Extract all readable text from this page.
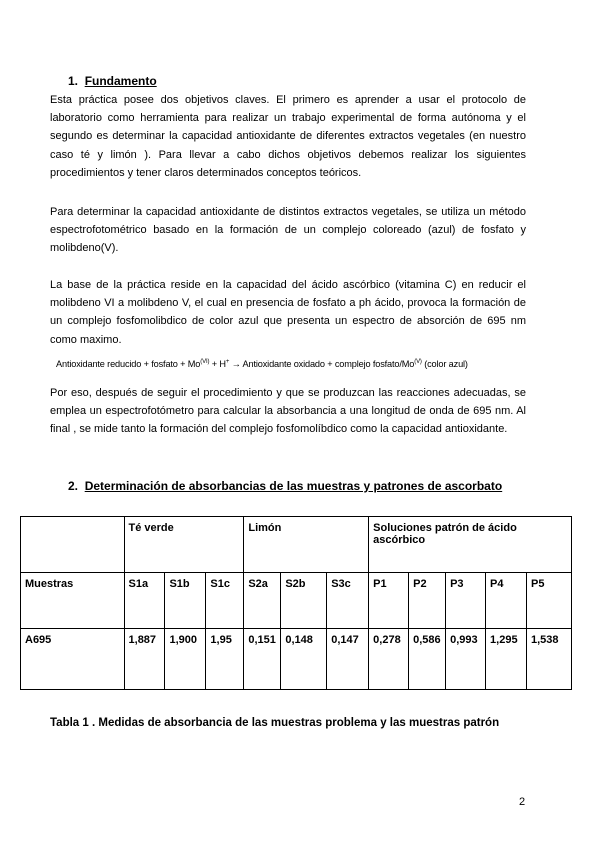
1. Fundamento
Esta práctica posee dos objetivos claves. El primero es aprender a usar el protocolo de laboratorio como herramienta para realizar un trabajo experimental de forma autónoma y el segundo es determinar la capacidad antioxidante de diferentes extractos vegetales (en nuestro caso té y limón ). Para llevar a cabo dichos objetivos debemos realizar los siguientes procedimientos y tener claros determinados conceptos teóricos.
Para determinar la capacidad antioxidante de distintos extractos vegetales, se utiliza un método espectrofotométrico basado en la formación de un complejo coloreado (azul) de fosfato y molibdeno(V).
La base de la práctica reside en la capacidad del ácido ascórbico (vitamina C) en reducir el molibdeno VI a molibdeno V, el cual en presencia de fosfato a ph ácido, provoca la formación de un complejo fosfomolibdico de color azul que presenta un espectro de absorción de 695 nm como maximo.
Antioxidante reducido + fosfato + $Mo^{(VI)} + H^+$ → Antioxidante oxidado + complejo fosfato/$Mo^{(V)}$ (color azul)
Por eso, después de seguir el procedimiento y que se produzcan las reacciones adecuadas, se emplea un espectrofotómetro para calcular la absorbancia a una longitud de onda de 695 nm. Al final , se mide tanto la formación del complejo fosfomolíbdico como la capacidad antioxidante.
2. Determinación de absorbancias de las muestras y patrones de ascorbato
	Té verde			Limón			Soluciones patrón de ácido ascórbico				
Muestras	S1a	S1b	S1c	S2a	S2b	S3c	P1	P2	P3	P4	P5
A695	1,887	1,900	1,95	0,151	0,148	0,147	0,278	0,586	0,993	1,295	1,538
Tabla 1 . Medidas de absorbancia de las muestras problema y las muestras patrón
2
